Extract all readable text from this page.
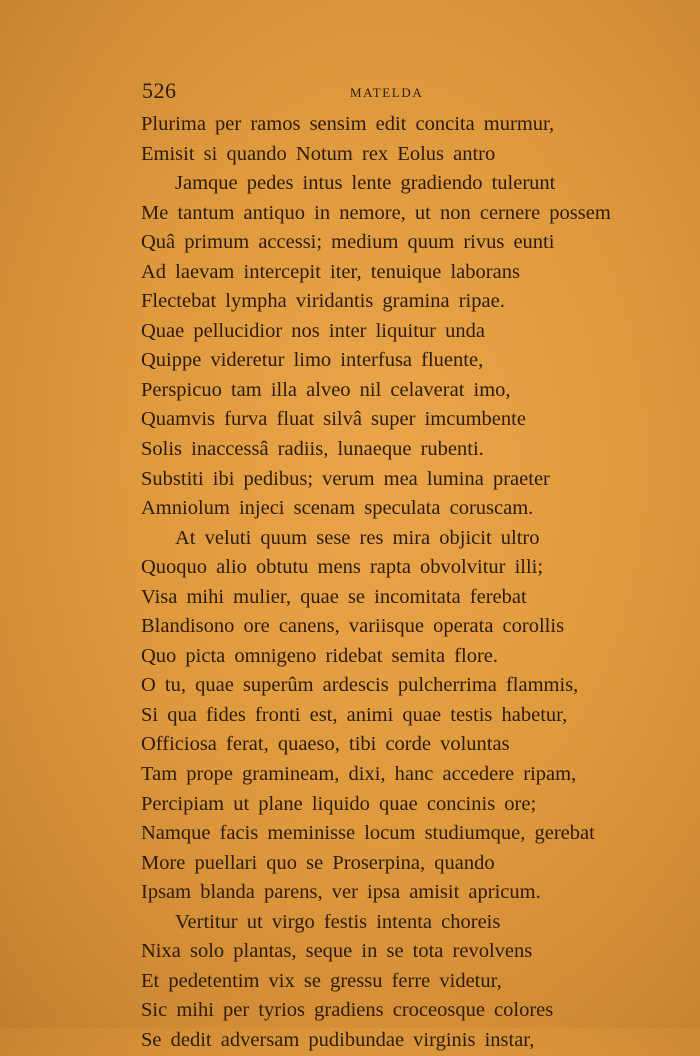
526	MATELDA
Plurima per ramos sensim edit concita murmur,
Emisit si quando Notum rex Eolus antro
Jamque pedes intus lente gradiendo tulerunt
Me tantum antiquo in nemore, ut non cernere possem
Quâ primum accessi; medium quum rivus eunti
Ad laevam intercepit iter, tenuique laborans
Flectebat lympha viridantis gramina ripae.
Quae pellucidior nos inter liquitur unda
Quippe videretur limo interfusa fluente,
Perspicuo tam illa alveo nil celaverat imo,
Quamvis furva fluat silvâ super imcumbente
Solis inaccessâ radiis, lunaeque rubenti.
Substiti ibi pedibus; verum mea lumina praeter
Amniolum injeci scenam speculata coruscam.
At veluti quum sese res mira objicit ultro
Quoquo alio obtutu mens rapta obvolvitur illi;
Visa mihi mulier, quae se incomitata ferebat
Blandisono ore canens, variisque operata corollis
Quo picta omnigeno ridebat semita flore.
O tu, quae superûm ardescis pulcherrima flammis,
Si qua fides fronti est, animi quae testis habetur,
Officiosa ferat, quaeso, tibi corde voluntas
Tam prope gramineam, dixi, hanc accedere ripam,
Percipiam ut plane liquido quae concinis ore;
Namque facis meminisse locum studiumque, gerebat
More puellari quo se Proserpina, quando
Ipsam blanda parens, ver ipsa amisit apricum.
Vertitur ut virgo festis intenta choreis
Nixa solo plantas, seque in se tota revolvens
Et pedetentim vix se gressu ferre videtur,
Sic mihi per tyrios gradiens croceosque colores
Se dedit adversam pudibundae virginis instar,
